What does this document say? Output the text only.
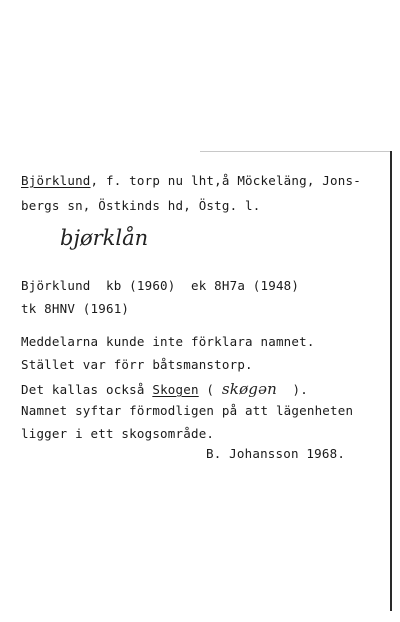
Björklund, f. torp nu lht,å Möckeläng, Jons-
bergs sn, Östkinds hd, Östg. l.
bjørklån
Björklund  kb (1960)  ek 8H7a (1948)
tk 8HNV (1961)
Meddelarna kunde inte förklara namnet.
Stället var förr båtsmanstorp.
Det kallas också Skogen ( skøgən  ).
Namnet syftar förmodligen på att lägenheten
ligger i ett skogsområde.
B. Johansson 1968.
